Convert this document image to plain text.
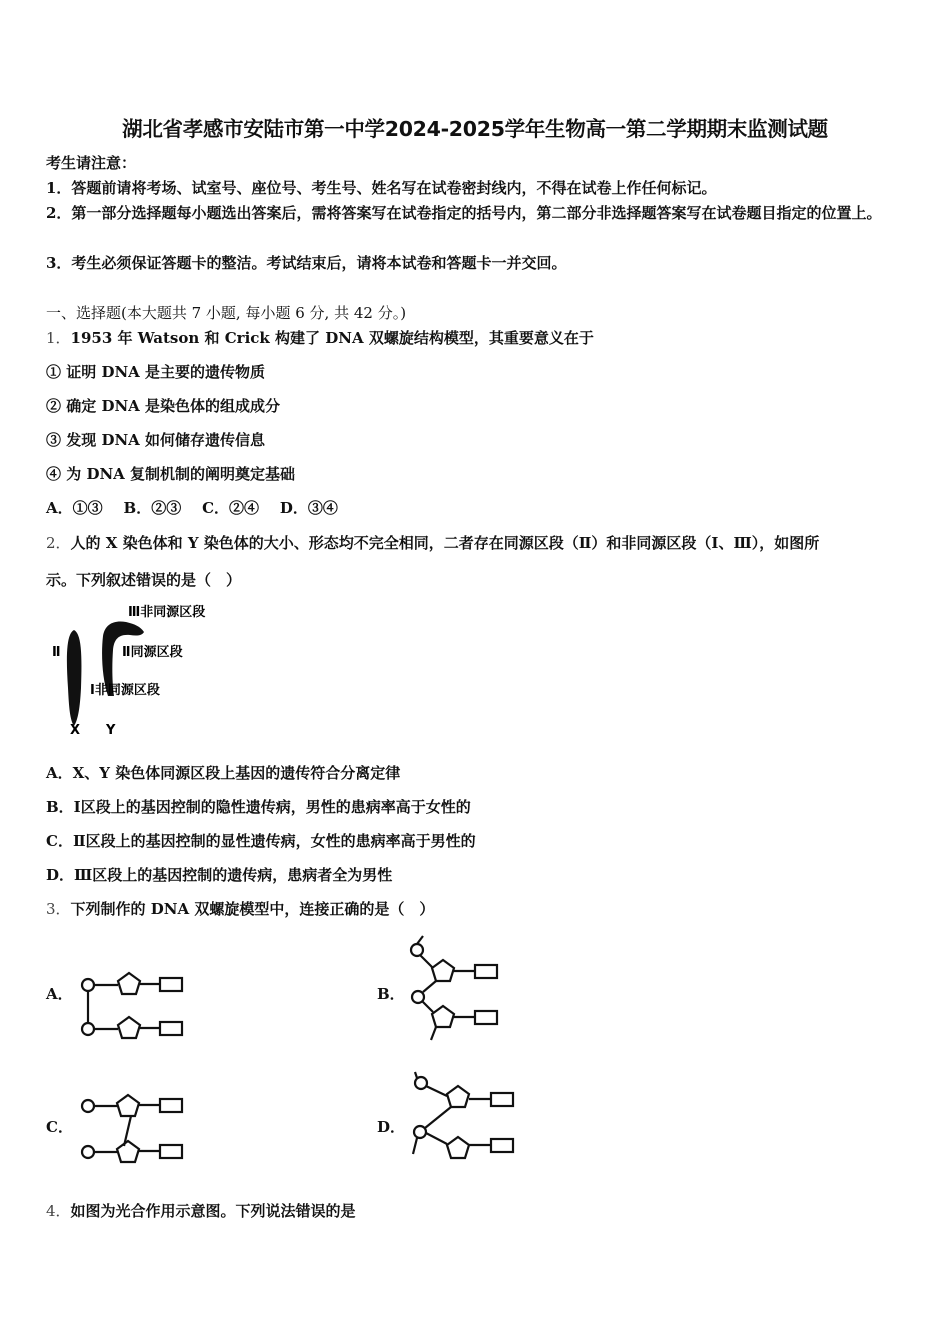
湖北省孝感市安陆市第一中学2024-2025学年生物高一第二学期期末监测试题
考生请注意：
1．答题前请将考场、试室号、座位号、考生号、姓名写在试卷密封线内，不得在试卷上作任何标记。
2．第一部分选择题每小题选出答案后，需将答案写在试卷指定的括号内，第二部分非选择题答案写在试卷题目指定的位置上。
3．考生必须保证答题卡的整洁。考试结束后，请将本试卷和答题卡一并交回。
一、选择题(本大题共 7 小题, 每小题 6 分, 共 42 分。)
1．1953 年 Watson 和 Crick 构建了 DNA 双螺旋结构模型，其重要意义在于
① 证明 DNA 是主要的遗传物质
② 确定 DNA 是染色体的组成成分
③ 发现 DNA 如何储存遗传信息
④ 为 DNA 复制机制的阐明奠定基础
A．①③    B．②③    C．②④    D．③④
2．人的 X 染色体和 Y 染色体的大小、形态均不完全相同，二者存在同源区段（Ⅱ）和非同源区段（Ⅰ、Ⅲ），如图所
示。下列叙述错误的是（　）
Ⅱ
Ⅲ非同源区段
Ⅱ同源区段
Ⅰ非同源区段
X Y
A．X、Y 染色体同源区段上基因的遗传符合分离定律
B．Ⅰ区段上的基因控制的隐性遗传病，男性的患病率高于女性的
C．Ⅱ区段上的基因控制的显性遗传病，女性的患病率高于男性的
D．Ⅲ区段上的基因控制的遗传病，患病者全为男性
3．下列制作的 DNA 双螺旋模型中，连接正确的是（　）
A．	B．
C．	D．
4．如图为光合作用示意图。下列说法错误的是
